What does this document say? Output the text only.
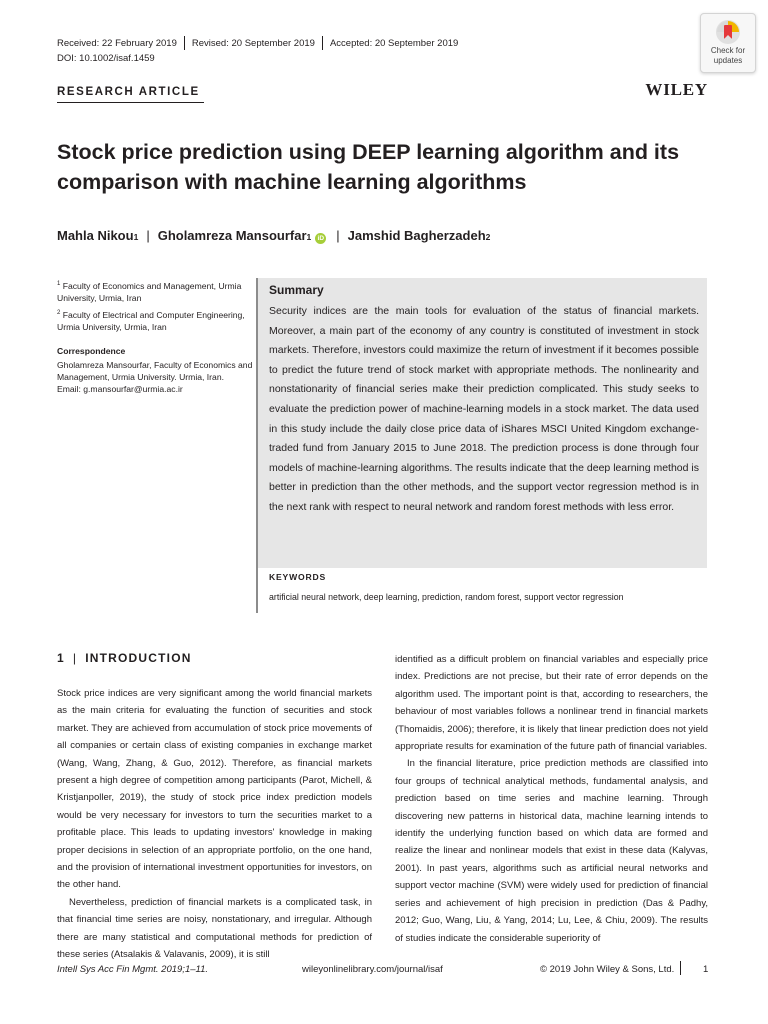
Received: 22 February 2019 Revised: 20 September 2019 Accepted: 20 September 2019
DOI: 10.1002/isaf.1459
RESEARCH ARTICLE	WILEY
Check for
updates
Stock price prediction using DEEP learning algorithm and its comparison with machine learning algorithms
Mahla Nikou 1 | Gholamreza Mansourfar 1 iD | Jamshid Bagherzadeh 2
$^1$ Faculty of Economics and Management, Urmia University, Urmia, Iran
$^2$ Faculty of Electrical and Computer Engineering, Urmia University, Urmia, Iran
Correspondence
Gholamreza Mansourfar, Faculty of Economics and Management, Urmia University. Urmia, Iran.
Email: g.mansourfar@urmia.ac.ir
Summary
Security indices are the main tools for evaluation of the status of financial markets. Moreover, a main part of the economy of any country is constituted of investment in stock markets. Therefore, investors could maximize the return of investment if it becomes possible to predict the future trend of stock market with appropriate methods. The nonlinearity and nonstationarity of financial series make their prediction complicated. This study seeks to evaluate the prediction power of machine-learning models in a stock market. The data used in this study include the daily close price data of iShares MSCI United Kingdom exchange-traded fund from January 2015 to June 2018. The prediction process is done through four models of machine-learning algorithms. The results indicate that the deep learning method is better in prediction than the other methods, and the support vector regression method is in the next rank with respect to neural network and random forest methods with less error.
KEYWORDS
artificial neural network, deep learning, prediction, random forest, support vector regression
1 | INTRODUCTION

Stock price indices are very significant among the world financial markets as the main criteria for evaluating the function of securities and stock market. They are achieved from accumulation of stock price movements of all companies or certain class of existing companies in exchange market (Wang, Wang, Zhang, & Guo, 2012). Therefore, as financial markets present a high degree of competition among participants (Parot, Michell, & Kristjanpoller, 2019), the study of stock price index prediction models would be very necessary for investors to turn the securities market to a profitable place. This leads to updating investors' knowledge in making proper decisions in selection of an appropriate portfolio, on the one hand, and the provision of international investment opportunities for investors, on the other hand.

Nevertheless, prediction of financial markets is a complicated task, in that financial time series are noisy, nonstationary, and irregular. Although there are many statistical and computational methods for prediction of these series (Atsalakis & Valavanis, 2009), it is still

identified as a difficult problem on financial variables and especially price index. Predictions are not precise, but their rate of error depends on the algorithm used. The important point is that, according to researchers, the behaviour of most variables follows a nonlinear trend in financial markets (Thomaidis, 2006); therefore, it is likely that linear prediction does not yield appropriate results for examination of the future path of financial variables.

In the financial literature, price prediction methods are classified into four groups of technical analytical methods, fundamental analysis, and prediction based on time series and machine learning. Through discovering new patterns in historical data, machine learning intends to identify the underlying function based on which data are formed and realize the linear and nonlinear models that exist in these data (Kalyvas, 2001). In past years, algorithms such as artificial neural networks and support vector machine (SVM) were widely used for prediction of financial series and achievement of high precision in prediction (Das & Padhy, 2012; Guo, Wang, Liu, & Yang, 2014; Lu, Lee, & Chiu, 2009). The results of studies indicate the considerable superiority of

Intell Sys Acc Fin Mgmt. 2019;1–11.	wileyonlinelibrary.com/journal/isaf	© 2019 John Wiley & Sons, Ltd.	1
